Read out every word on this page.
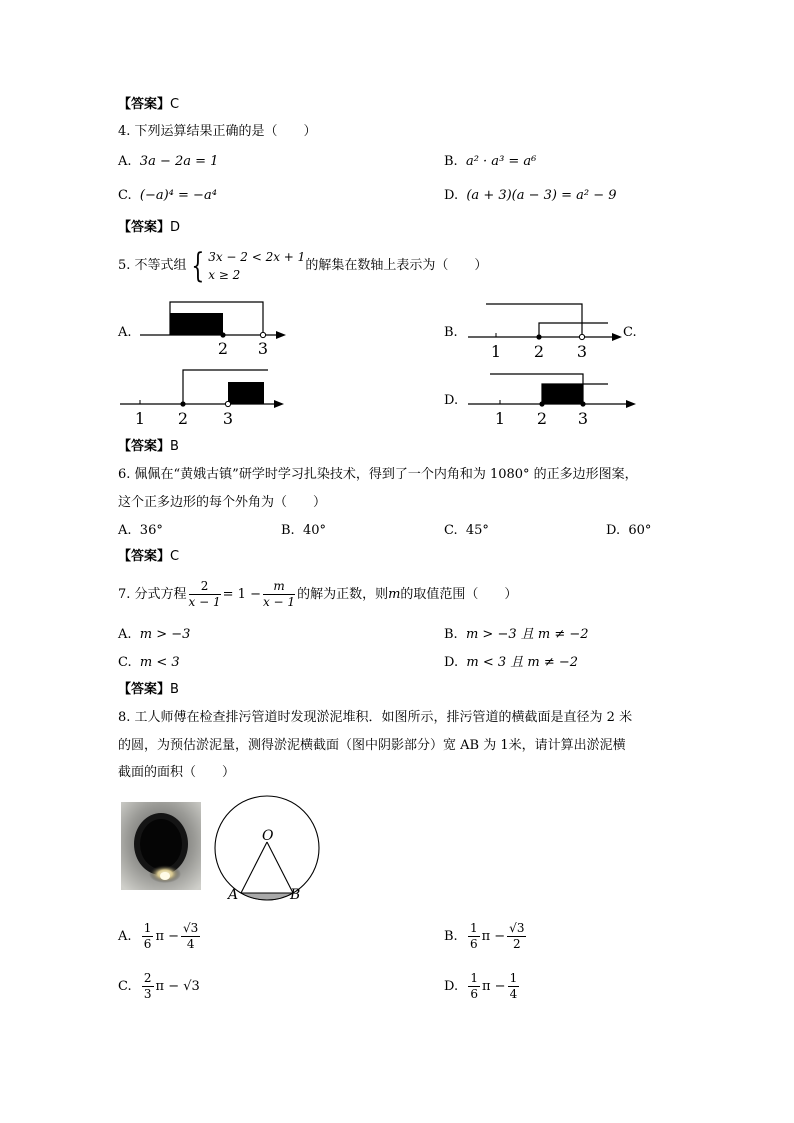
【答案】C
4. 下列运算结果正确的是（　　）
A. 3a − 2a = 1	B. a² · a³ = a⁶
C. (−a)⁴ = −a⁴	D. (a + 3)(a − 3) = a² − 9
【答案】D
5. 不等式组 { 3x − 2 < 2x + 1
x ≥ 2
的解集在数轴上表示为（　　）
A.
2 3
B.
1 2 3
C.
1 2 3
D.
1 2 3
【答案】B
6. 佩佩在“黄娥古镇”研学时学习扎染技术，得到了一个内角和为 1080° 的正多边形图案，
这个正多边形的每个外角为（　　）
A. 36°	B. 40°	C. 45°	D. 60°
【答案】C
7. 分式方程 $\frac{2}{x - 1} = 1 - \frac{m}{x - 1}$ 的解为正数，则m的取值范围（　　）
A. m > −3	B. m > −3 且 m ≠ −2
C. m < 3	D. m < 3 且 m ≠ −2
【答案】B
8. 工人师傅在检查排污管道时发现淤泥堆积．如图所示，排污管道的横截面是直径为 2 米
的圆，为预估淤泥量，测得淤泥横截面（图中阴影部分）宽 AB 为 1米，请计算出淤泥横
截面的面积（　　）
O
A	B
A. $\frac{1}{6}$ $\pi - \frac{√3}{4}$	B. $\frac{1}{6}$ $\pi - \frac{√3}{2}$
C. $\frac{2}{3}$ π − √3	D. $\frac{1}{6}$ $\pi - \frac{1}{4}$
